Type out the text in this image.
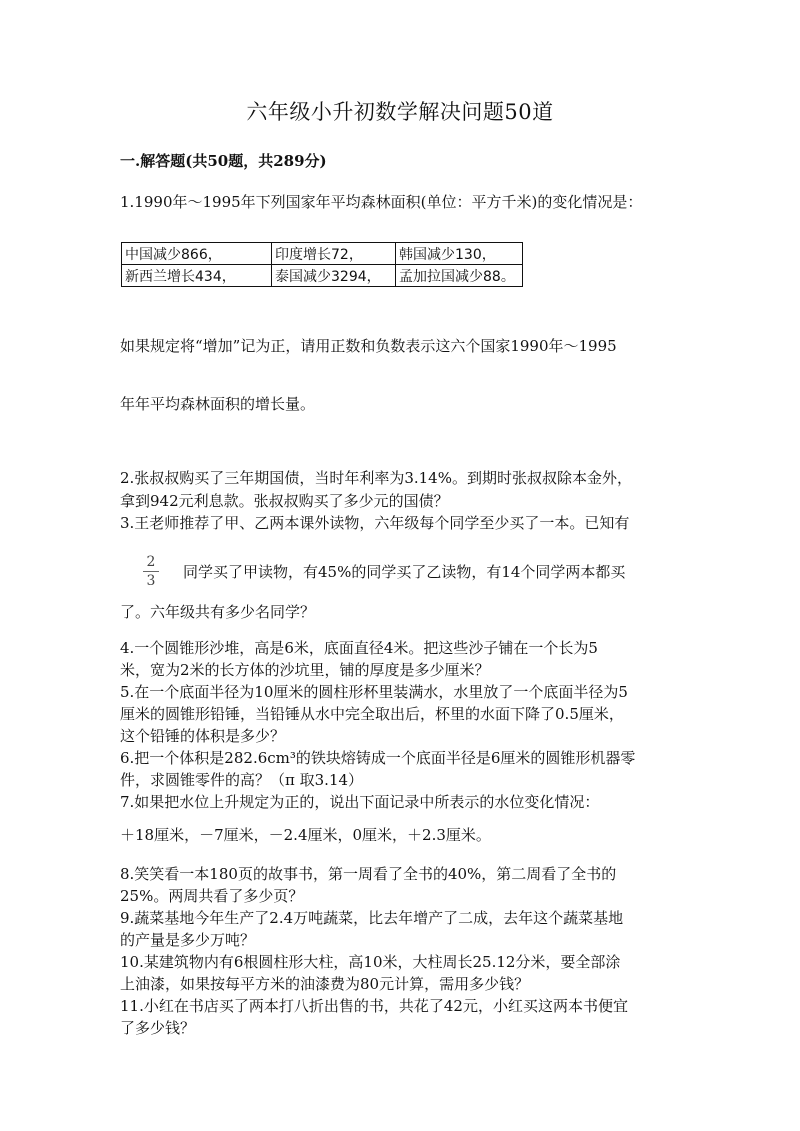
六年级小升初数学解决问题50道
一.解答题(共50题，共289分)
1.1990年～1995年下列国家年平均森林面积(单位：平方千米)的变化情况是：
中国减少866，	印度增长72，	韩国减少130，
新西兰增长434，	泰国减少3294，	孟加拉国减少88。
如果规定将“增加”记为正，请用正数和负数表示这六个国家1990年～1995
年年平均森林面积的增长量。
2.张叔叔购买了三年期国债，当时年利率为3.14%。到期时张叔叔除本金外，
拿到942元利息款。张叔叔购买了多少元的国债？
3.王老师推荐了甲、乙两本课外读物，六年级每个同学至少买了一本。已知有
$\frac{2}{3}$ 同学买了甲读物，有45%的同学买了乙读物，有14个同学两本都买
了。六年级共有多少名同学？
4.一个圆锥形沙堆，高是6米，底面直径4米。把这些沙子铺在一个长为5
米，宽为2米的长方体的沙坑里，铺的厚度是多少厘米？
5.在一个底面半径为10厘米的圆柱形杯里装满水，水里放了一个底面半径为5
厘米的圆锥形铅锤，当铅锤从水中完全取出后，杯里的水面下降了0.5厘米，
这个铅锤的体积是多少？
6.把一个体积是282.6cm³的铁块熔铸成一个底面半径是6厘米的圆锥形机器零
件，求圆锥零件的高？（π 取3.14）
7.如果把水位上升规定为正的，说出下面记录中所表示的水位变化情况：
＋18厘米，－7厘米，－2.4厘米，0厘米，＋2.3厘米。
8.笑笑看一本180页的故事书，第一周看了全书的40%，第二周看了全书的
25%。两周共看了多少页？
9.蔬菜基地今年生产了2.4万吨蔬菜，比去年增产了二成，去年这个蔬菜基地
的产量是多少万吨？
10.某建筑物内有6根圆柱形大柱，高10米，大柱周长25.12分米，要全部涂
上油漆，如果按每平方米的油漆费为80元计算，需用多少钱？
11.小红在书店买了两本打八折出售的书，共花了42元，小红买这两本书便宜
了多少钱？
